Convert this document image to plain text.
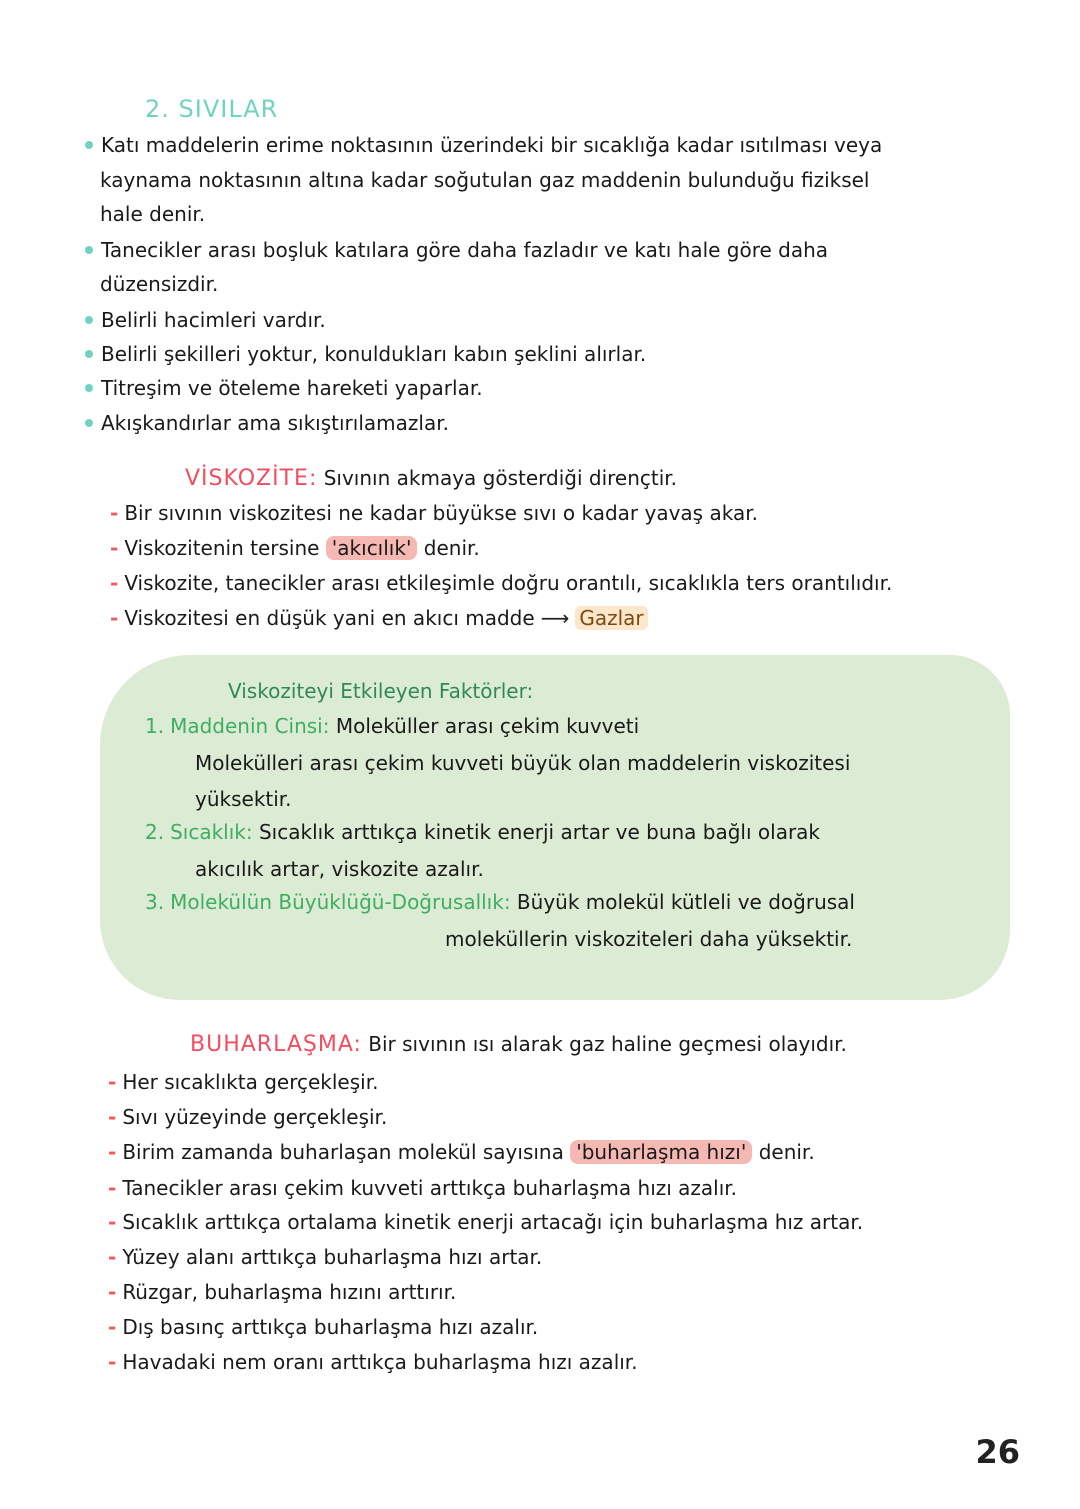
2. SIVILAR
Katı maddelerin erime noktasının üzerindeki bir sıcaklığa kadar ısıtılması veya
kaynama noktasının altına kadar soğutulan gaz maddenin bulunduğu fiziksel
hale denir.
Tanecikler arası boşluk katılara göre daha fazladır ve katı hale göre daha
düzensizdir.
Belirli hacimleri vardır.
Belirli şekilleri yoktur, konuldukları kabın şeklini alırlar.
Titreşim ve öteleme hareketi yaparlar.
Akışkandırlar ama sıkıştırılamazlar.
VİSKOZİTE: Sıvının akmaya gösterdiği dirençtir.
- Bir sıvının viskozitesi ne kadar büyükse sıvı o kadar yavaş akar.
- Viskozitenin tersine 'akıcılık' denir.
- Viskozite, tanecikler arası etkileşimle doğru orantılı, sıcaklıkla ters orantılıdır.
- Viskozitesi en düşük yani en akıcı madde ⟶ Gazlar
Viskoziteyi Etkileyen Faktörler:
1. Maddenin Cinsi: Moleküller arası çekim kuvveti
Molekülleri arası çekim kuvveti büyük olan maddelerin viskozitesi
yüksektir.
2. Sıcaklık: Sıcaklık arttıkça kinetik enerji artar ve buna bağlı olarak
akıcılık artar, viskozite azalır.
3. Molekülün Büyüklüğü-Doğrusallık: Büyük molekül kütleli ve doğrusal
moleküllerin viskoziteleri daha yüksektir.
BUHARLAŞMA: Bir sıvının ısı alarak gaz haline geçmesi olayıdır.
- Her sıcaklıkta gerçekleşir.
- Sıvı yüzeyinde gerçekleşir.
- Birim zamanda buharlaşan molekül sayısına 'buharlaşma hızı' denir.
- Tanecikler arası çekim kuvveti arttıkça buharlaşma hızı azalır.
- Sıcaklık arttıkça ortalama kinetik enerji artacağı için buharlaşma hız artar.
- Yüzey alanı arttıkça buharlaşma hızı artar.
- Rüzgar, buharlaşma hızını arttırır.
- Dış basınç arttıkça buharlaşma hızı azalır.
- Havadaki nem oranı arttıkça buharlaşma hızı azalır.
26
